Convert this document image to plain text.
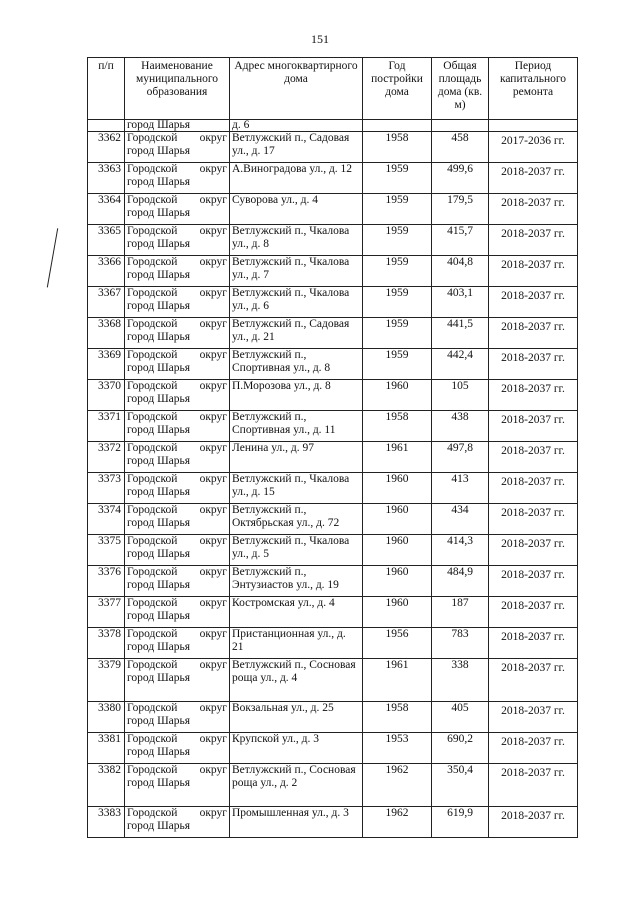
151
п/п	Наименование муниципального образования	Адрес многоквартирного дома	Год постройки дома	Общая площадь дома (кв. м)	Период капитального ремонта
	город Шарья	д. 6			
3362	Городской округ город Шарья	Ветлужский п., Садовая ул., д. 17	1958	458	2017-2036 гг.
3363	Городской округ город Шарья	А.Виноградова ул., д. 12	1959	499,6	2018-2037 гг.
3364	Городской округ город Шарья	Суворова ул., д. 4	1959	179,5	2018-2037 гг.
3365	Городской округ город Шарья	Ветлужский п., Чкалова ул., д. 8	1959	415,7	2018-2037 гг.
3366	Городской округ город Шарья	Ветлужский п., Чкалова ул., д. 7	1959	404,8	2018-2037 гг.
3367	Городской округ город Шарья	Ветлужский п., Чкалова ул., д. 6	1959	403,1	2018-2037 гг.
3368	Городской округ город Шарья	Ветлужский п., Садовая ул., д. 21	1959	441,5	2018-2037 гг.
3369	Городской округ город Шарья	Ветлужский п., Спортивная ул., д. 8	1959	442,4	2018-2037 гг.
3370	Городской округ город Шарья	П.Морозова ул., д. 8	1960	105	2018-2037 гг.
3371	Городской округ город Шарья	Ветлужский п., Спортивная ул., д. 11	1958	438	2018-2037 гг.
3372	Городской округ город Шарья	Ленина ул., д. 97	1961	497,8	2018-2037 гг.
3373	Городской округ город Шарья	Ветлужский п., Чкалова ул., д. 15	1960	413	2018-2037 гг.
3374	Городской округ город Шарья	Ветлужский п., Октябрьская ул., д. 72	1960	434	2018-2037 гг.
3375	Городской округ город Шарья	Ветлужский п., Чкалова ул., д. 5	1960	414,3	2018-2037 гг.
3376	Городской округ город Шарья	Ветлужский п., Энтузиастов ул., д. 19	1960	484,9	2018-2037 гг.
3377	Городской округ город Шарья	Костромская ул., д. 4	1960	187	2018-2037 гг.
3378	Городской округ город Шарья	Пристанционная ул., д. 21	1956	783	2018-2037 гг.
3379	Городской округ город Шарья	Ветлужский п., Сосновая роща ул., д. 4	1961	338	2018-2037 гг.
3380	Городской округ город Шарья	Вокзальная ул., д. 25	1958	405	2018-2037 гг.
3381	Городской округ город Шарья	Крупской ул., д. 3	1953	690,2	2018-2037 гг.
3382	Городской округ город Шарья	Ветлужский п., Сосновая роща ул., д. 2	1962	350,4	2018-2037 гг.
3383	Городской округ город Шарья	Промышленная ул., д. 3	1962	619,9	2018-2037 гг.
